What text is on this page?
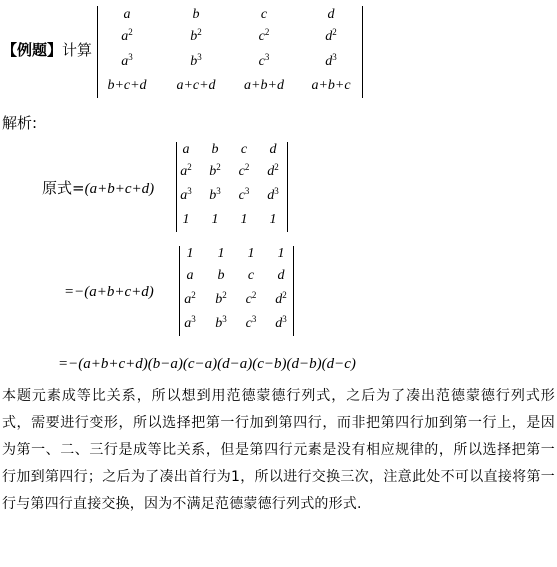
【例题】计算
a	b	c	d
$a^2$	$b^2$	$c^2$	$d^2$
$a^3$	$b^3$	$c^3$	$d^3$
b+c+d	a+c+d	a+b+d	a+b+c
解析:
原式=(a+b+c+d)
a	b	c	d
$a^2$	$b^2$	$c^2$	$d^2$
$a^3$	$b^3$	$c^3$	$d^3$
1	1	1	1
=−(a+b+c+d)
1	1	1	1
a	b	c	d
$a^2$	$b^2$	$c^2$	$d^2$
$a^3$	$b^3$	$c^3$	$d^3$
=−(a+b+c+d)(b−a)(c−a)(d−a)(c−b)(d−b)(d−c)
本题元素成等比关系，所以想到用范德蒙德行列式，之后为了凑出范德蒙德行列式形式，需要进行变形，所以选择把第一行加到第四行，而非把第四行加到第一行上，是因为第一、二、三行是成等比关系，但是第四行元素是没有相应规律的，所以选择把第一行加到第四行；之后为了凑出首行为1，所以进行交换三次，注意此处不可以直接将第一行与第四行直接交换，因为不满足范德蒙德行列式的形式.
